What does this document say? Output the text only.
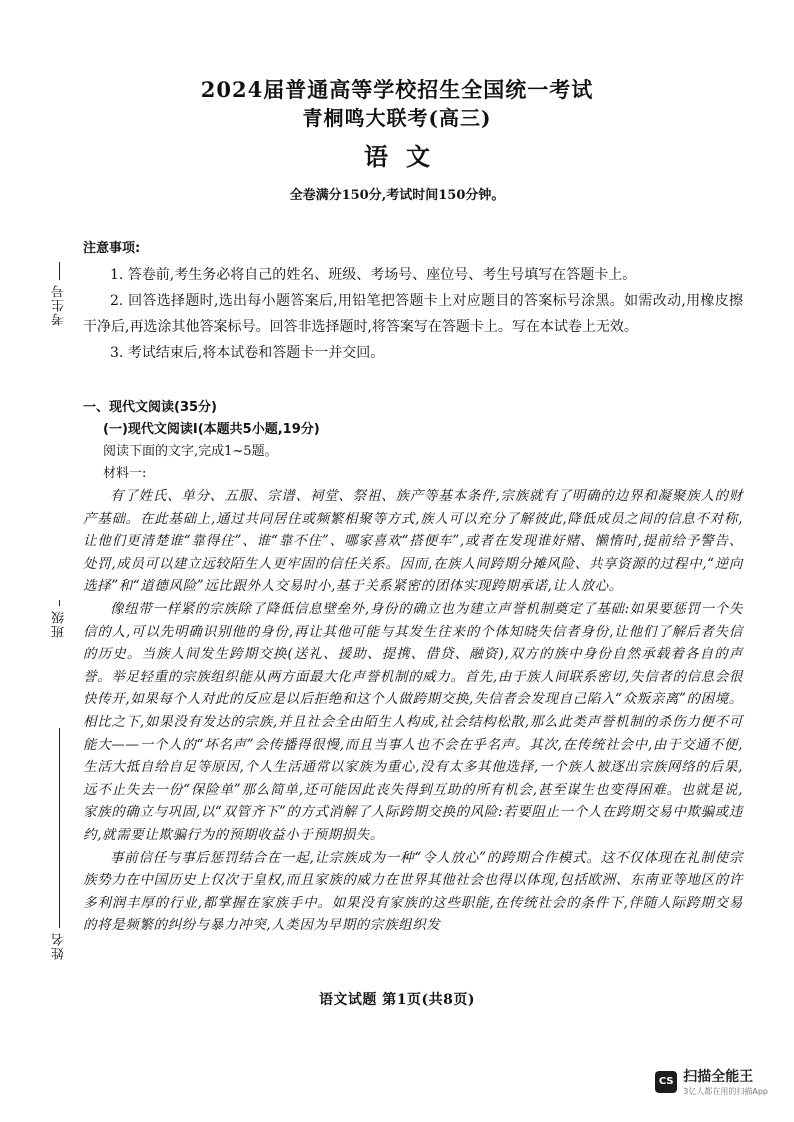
考生号
班级
姓名
2024届普通高等学校招生全国统一考试
青桐鸣大联考(高三)
语文
全卷满分150分,考试时间150分钟。
注意事项:
1. 答卷前,考生务必将自己的姓名、班级、考场号、座位号、考生号填写在答题卡上。
2. 回答选择题时,选出每小题答案后,用铅笔把答题卡上对应题目的答案标号涂黑。如需改动,用橡皮擦干净后,再选涂其他答案标号。回答非选择题时,将答案写在答题卡上。写在本试卷上无效。
3. 考试结束后,将本试卷和答题卡一并交回。
一、现代文阅读(35分)
(一)现代文阅读Ⅰ(本题共5小题,19分)
阅读下面的文字,完成1~5题。
材料一:

有了姓氏、单分、五服、宗谱、祠堂、祭祖、族产等基本条件,宗族就有了明确的边界和凝聚族人的财产基础。在此基础上,通过共同居住或频繁相聚等方式,族人可以充分了解彼此,降低成员之间的信息不对称,让他们更清楚谁“靠得住”、谁“靠不住”、哪家喜欢“搭便车”,或者在发现谁好赌、懒惰时,提前给予警告、处罚,成员可以建立远较陌生人更牢固的信任关系。因而,在族人间跨期分摊风险、共享资源的过程中,“逆向选择”和“道德风险”远比跟外人交易时小,基于关系紧密的团体实现跨期承诺,让人放心。

像纽带一样紧的宗族除了降低信息壁垒外,身份的确立也为建立声誉机制奠定了基础:如果要惩罚一个失信的人,可以先明确识别他的身份,再让其他可能与其发生往来的个体知晓失信者身份,让他们了解后者失信的历史。当族人间发生跨期交换(送礼、援助、提携、借贷、融资),双方的族中身份自然承载着各自的声誉。举足轻重的宗族组织能从两方面最大化声誉机制的威力。首先,由于族人间联系密切,失信者的信息会很快传开,如果每个人对此的反应是以后拒绝和这个人做跨期交换,失信者会发现自己陷入“众叛亲离”的困境。相比之下,如果没有发达的宗族,并且社会全由陌生人构成,社会结构松散,那么此类声誉机制的杀伤力便不可能大——一个人的“坏名声”会传播得很慢,而且当事人也不会在乎名声。其次,在传统社会中,由于交通不便,生活大抵自给自足等原因,个人生活通常以家族为重心,没有太多其他选择,一个族人被逐出宗族网络的后果,远不止失去一份“保险单”那么简单,还可能因此丧失得到互助的所有机会,甚至谋生也变得困难。也就是说,家族的确立与巩固,以“双管齐下”的方式消解了人际跨期交换的风险:若要阻止一个人在跨期交易中欺骗或违约,就需要让欺骗行为的预期收益小于预期损失。

事前信任与事后惩罚结合在一起,让宗族成为一种“令人放心”的跨期合作模式。这不仅体现在礼制使宗族势力在中国历史上仅次于皇权,而且家族的威力在世界其他社会也得以体现,包括欧洲、东南亚等地区的许多利润丰厚的行业,都掌握在家族手中。如果没有家族的这些职能,在传统社会的条件下,伴随人际跨期交易的将是频繁的纠纷与暴力冲突,人类因为早期的宗族组织发

语文试题 第1页(共8页)
CS 扫描全能王
3亿人都在用的扫描App
